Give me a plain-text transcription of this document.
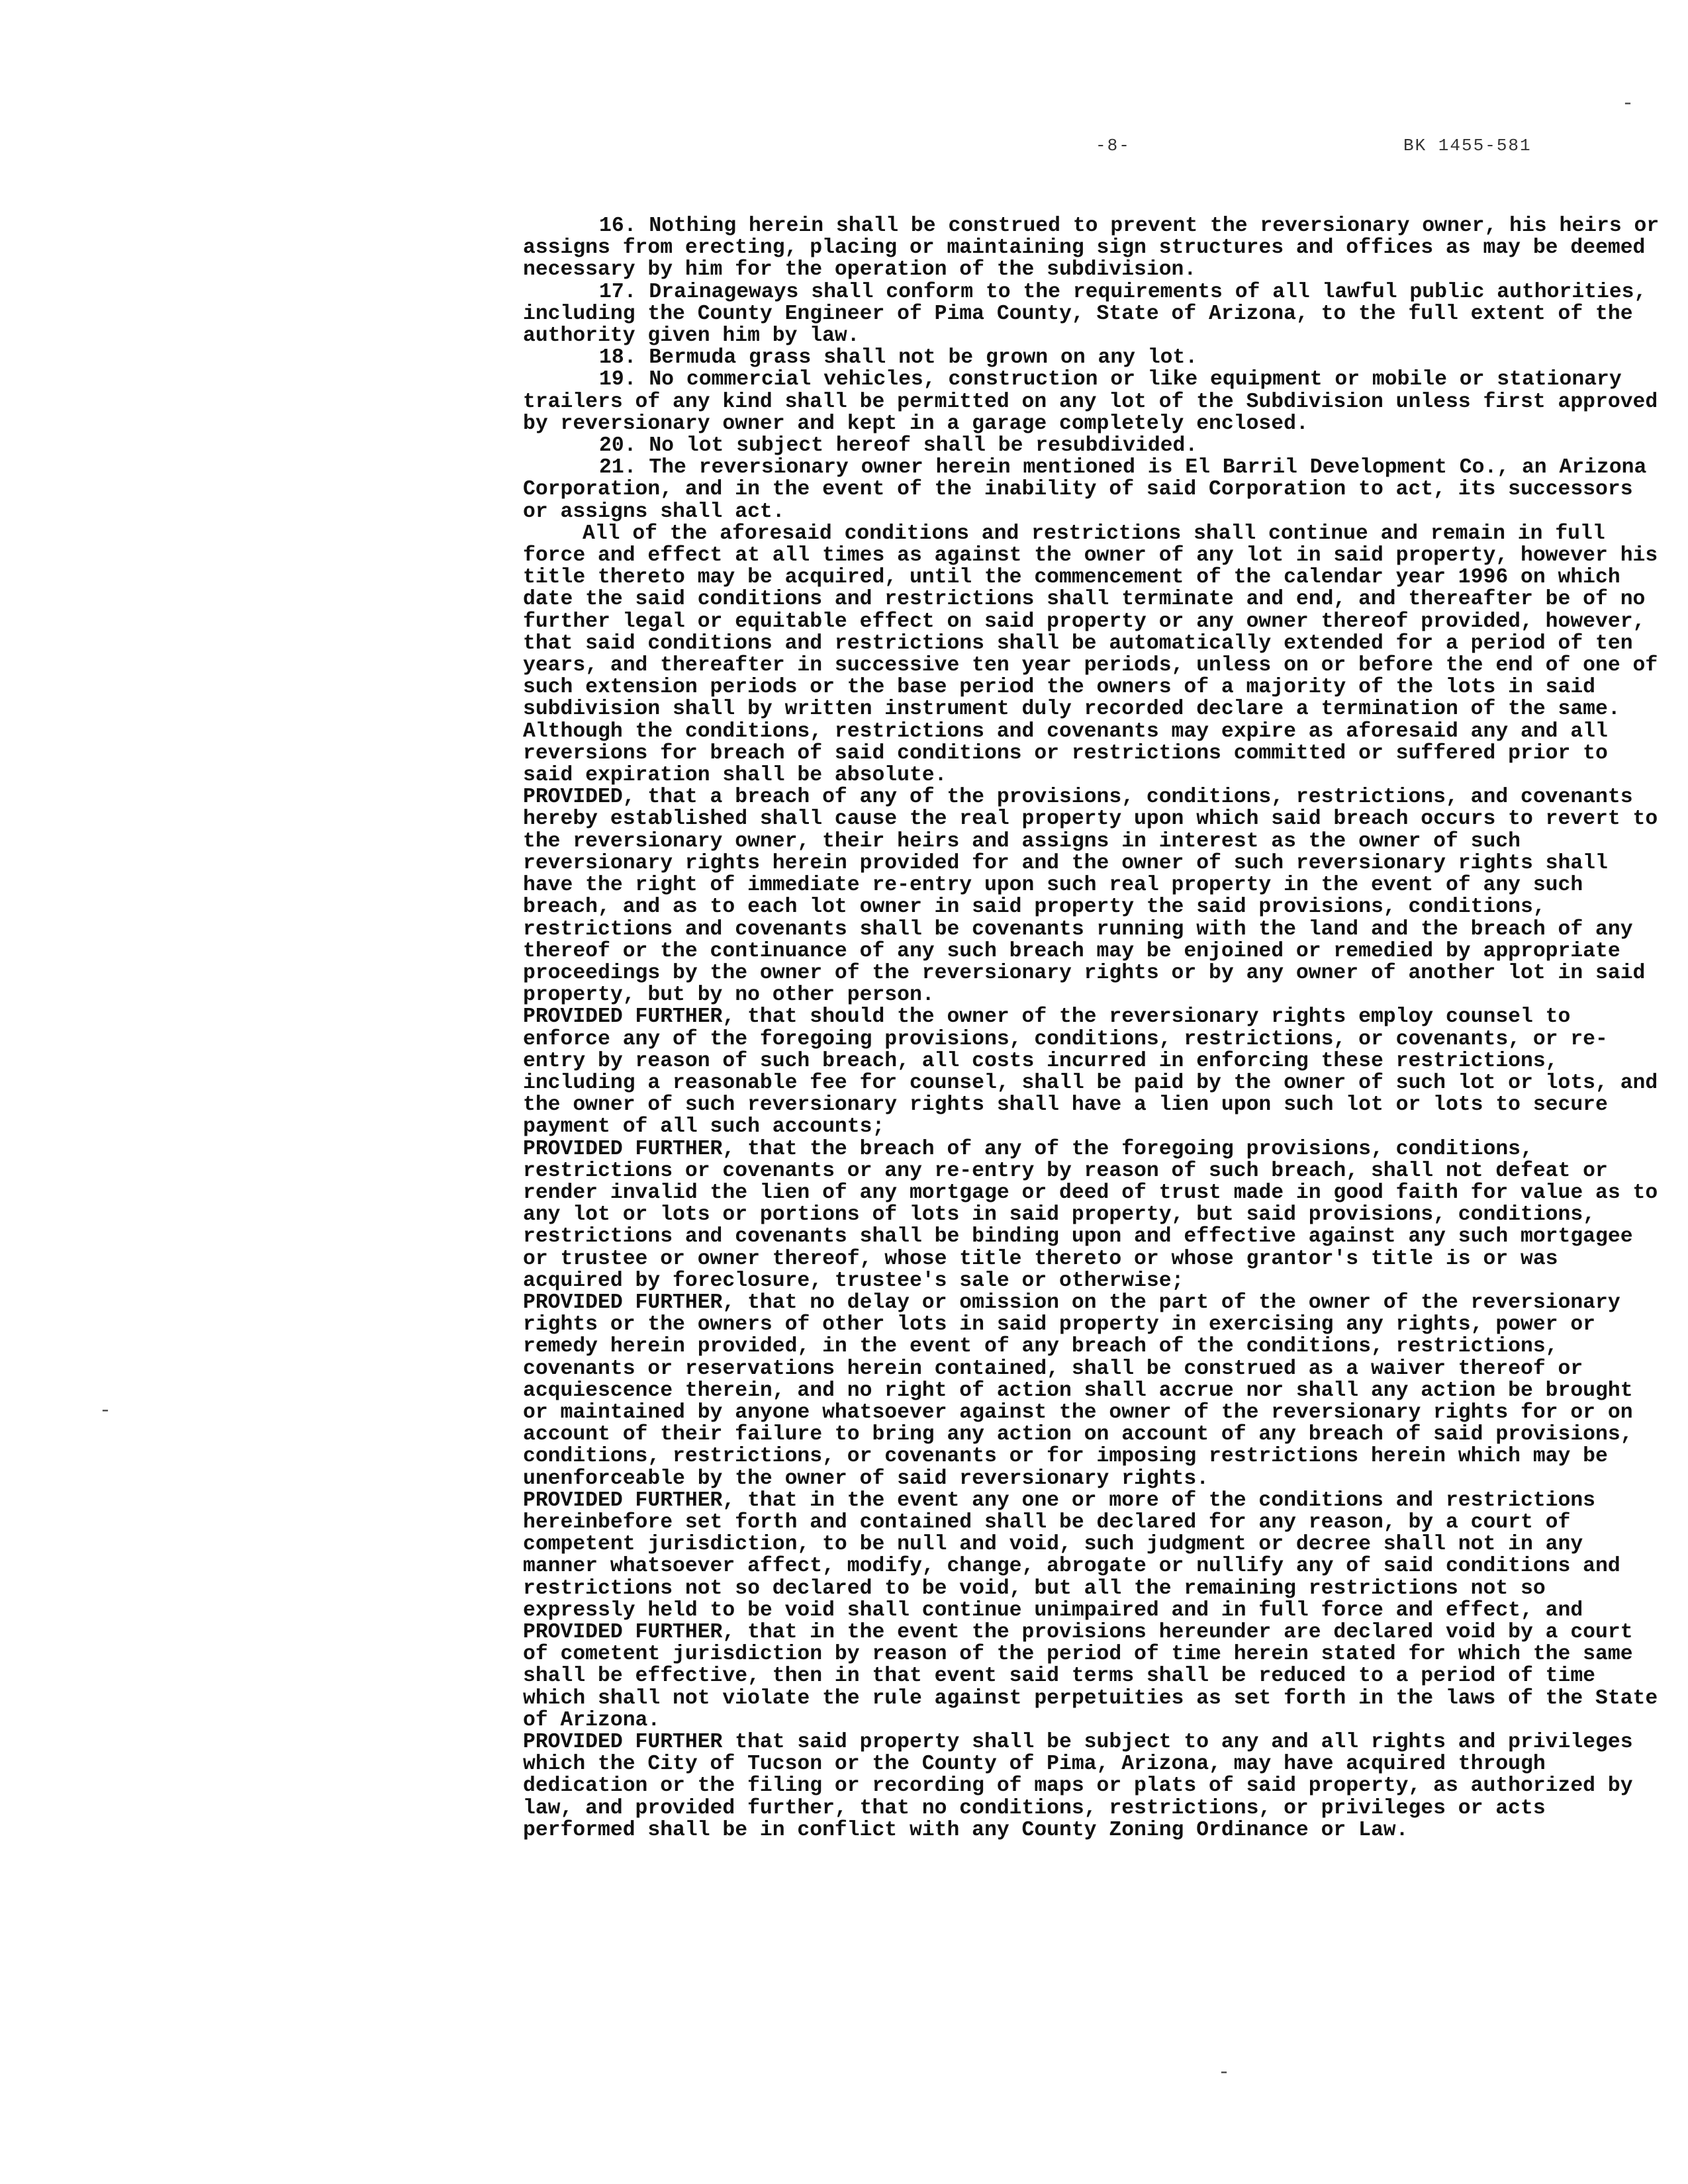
-8-	BK 1455-581

16. Nothing herein shall be construed to prevent the reversionary owner, his heirs or assigns from erecting, placing or maintaining sign structures and offices as may be deemed necessary by him for the operation of the subdivision.

17. Drainageways shall conform to the requirements of all lawful public authorities, including the County Engineer of Pima County, State of Arizona, to the full extent of the authority given him by law.

18. Bermuda grass shall not be grown on any lot.

19. No commercial vehicles, construction or like equipment or mobile or stationary trailers of any kind shall be permitted on any lot of the Subdivision unless first approved by reversionary owner and kept in a garage completely enclosed.

20. No lot subject hereof shall be resubdivided.

21. The reversionary owner herein mentioned is El Barril Development Co., an Arizona Corporation, and in the event of the inability of said Corporation to act, its successors or assigns shall act.

All of the aforesaid conditions and restrictions shall continue and remain in full force and effect at all times as against the owner of any lot in said property, however his title thereto may be acquired, until the commencement of the calendar year 1996 on which date the said conditions and restrictions shall terminate and end, and thereafter be of no further legal or equitable effect on said property or any owner thereof provided, however, that said conditions and restrictions shall be automatically extended for a period of ten years, and thereafter in successive ten year periods, unless on or before the end of one of such extension periods or the base period the owners of a majority of the lots in said subdivision shall by written instrument duly recorded declare a termination of the same. Although the conditions, restrictions and covenants may expire as aforesaid any and all reversions for breach of said conditions or restrictions committed or suffered prior to said expiration shall be absolute.

PROVIDED, that a breach of any of the provisions, conditions, restrictions, and covenants hereby established shall cause the real property upon which said breach occurs to revert to the reversionary owner, their heirs and assigns in interest as the owner of such reversionary rights herein provided for and the owner of such reversionary rights shall have the right of immediate re-entry upon such real property in the event of any such breach, and as to each lot owner in said property the said provisions, conditions, restrictions and covenants shall be covenants running with the land and the breach of any thereof or the continuance of any such breach may be enjoined or remedied by appropriate proceedings by the owner of the reversionary rights or by any owner of another lot in said property, but by no other person.

PROVIDED FURTHER, that should the owner of the reversionary rights employ counsel to enforce any of the foregoing provisions, conditions, restrictions, or covenants, or re-entry by reason of such breach, all costs incurred in enforcing these restrictions, including a reasonable fee for counsel, shall be paid by the owner of such lot or lots, and the owner of such reversionary rights shall have a lien upon such lot or lots to secure payment of all such accounts;

PROVIDED FURTHER, that the breach of any of the foregoing provisions, conditions, restrictions or covenants or any re-entry by reason of such breach, shall not defeat or render invalid the lien of any mortgage or deed of trust made in good faith for value as to any lot or lots or portions of lots in said property, but said provisions, conditions, restrictions and covenants shall be binding upon and effective against any such mortgagee or trustee or owner thereof, whose title thereto or whose grantor's title is or was acquired by foreclosure, trustee's sale or otherwise;

PROVIDED FURTHER, that no delay or omission on the part of the owner of the reversionary rights or the owners of other lots in said property in exercising any rights, power or remedy herein provided, in the event of any breach of the conditions, restrictions, covenants or reservations herein contained, shall be construed as a waiver thereof or acquiescence therein, and no right of action shall accrue nor shall any action be brought or maintained by anyone whatsoever against the owner of the reversionary rights for or on account of their failure to bring any action on account of any breach of said provisions, conditions, restrictions, or covenants or for imposing restrictions herein which may be unenforceable by the owner of said reversionary rights.

PROVIDED FURTHER, that in the event any one or more of the conditions and restrictions hereinbefore set forth and contained shall be declared for any reason, by a court of competent jurisdiction, to be null and void, such judgment or decree shall not in any manner whatsoever affect, modify, change, abrogate or nullify any of said conditions and restrictions not so declared to be void, but all the remaining restrictions not so expressly held to be void shall continue unimpaired and in full force and effect, and PROVIDED FURTHER, that in the event the provisions hereunder are declared void by a court of cometent jurisdiction by reason of the period of time herein stated for which the same shall be effective, then in that event said terms shall be reduced to a period of time which shall not violate the rule against perpetuities as set forth in the laws of the State of Arizona.

PROVIDED FURTHER that said property shall be subject to any and all rights and privileges which the City of Tucson or the County of Pima, Arizona, may have acquired through dedication or the filing or recording of maps or plats of said property, as authorized by law, and provided further, that no conditions, restrictions, or privileges or acts performed shall be in conflict with any County Zoning Ordinance or Law.

-
-
-
